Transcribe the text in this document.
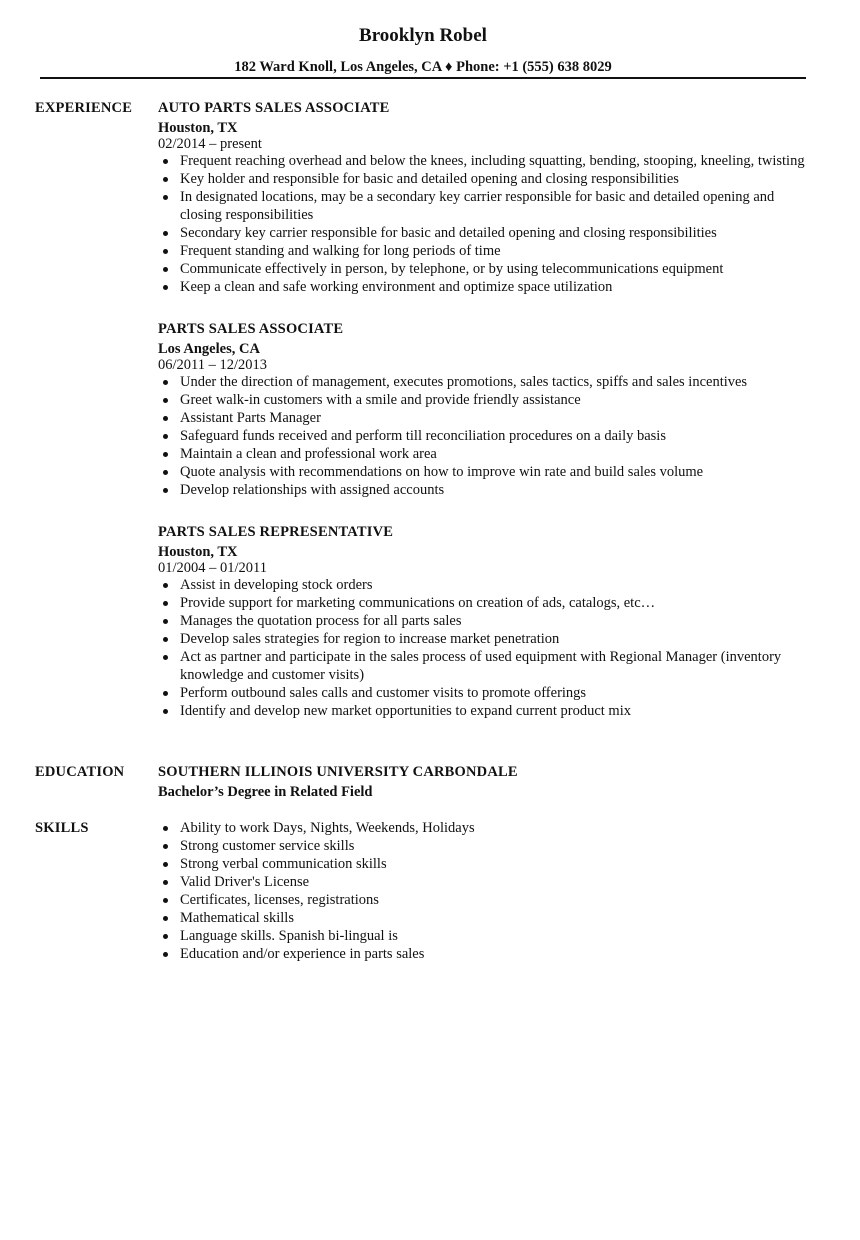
Brooklyn Robel
182 Ward Knoll, Los Angeles, CA ♦ Phone: +1 (555) 638 8029
EXPERIENCE	AUTO PARTS SALES ASSOCIATE
Houston, TX
02/2014 – present
Frequent reaching overhead and below the knees, including squatting, bending, stooping, kneeling, twisting
Key holder and responsible for basic and detailed opening and closing responsibilities
In designated locations, may be a secondary key carrier responsible for basic and detailed opening and closing responsibilities
Secondary key carrier responsible for basic and detailed opening and closing responsibilities
Frequent standing and walking for long periods of time
Communicate effectively in person, by telephone, or by using telecommunications equipment
Keep a clean and safe working environment and optimize space utilization
PARTS SALES ASSOCIATE
Los Angeles, CA
06/2011 – 12/2013
Under the direction of management, executes promotions, sales tactics, spiffs and sales incentives
Greet walk-in customers with a smile and provide friendly assistance
Assistant Parts Manager
Safeguard funds received and perform till reconciliation procedures on a daily basis
Maintain a clean and professional work area
Quote analysis with recommendations on how to improve win rate and build sales volume
Develop relationships with assigned accounts
PARTS SALES REPRESENTATIVE
Houston, TX
01/2004 – 01/2011
Assist in developing stock orders
Provide support for marketing communications on creation of ads, catalogs, etc…
Manages the quotation process for all parts sales
Develop sales strategies for region to increase market penetration
Act as partner and participate in the sales process of used equipment with Regional Manager (inventory knowledge and customer visits)
Perform outbound sales calls and customer visits to promote offerings
Identify and develop new market opportunities to expand current product mix
EDUCATION	SOUTHERN ILLINOIS UNIVERSITY CARBONDALE
Bachelor’s Degree in Related Field
SKILLS	Ability to work Days, Nights, Weekends, Holidays
Strong customer service skills
Strong verbal communication skills
Valid Driver's License
Certificates, licenses, registrations
Mathematical skills
Language skills. Spanish bi-lingual is
Education and/or experience in parts sales
